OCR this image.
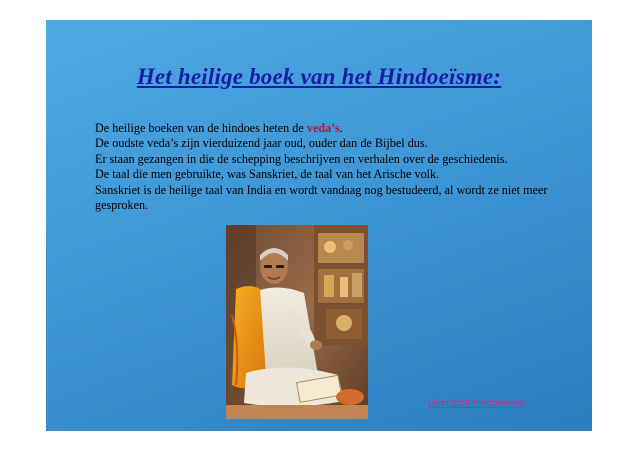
Het heilige boek van het Hindoeïsme:

De heilige boeken van de hindoes heten de veda’s.

De oudste veda’s zijn vierduizend jaar oud, ouder dan de Bijbel dus.

Er staan gezangen in die de schepping beschrijven en verhalen over de geschiedenis.

De taal die men gebruikte, was Sanskriet, de taal van het Arische volk.

Sanskriet is de heilige taal van India en wordt vandaag nog bestudeerd, al wordt ze niet meer gesproken.

Overzicht hindoeisme
